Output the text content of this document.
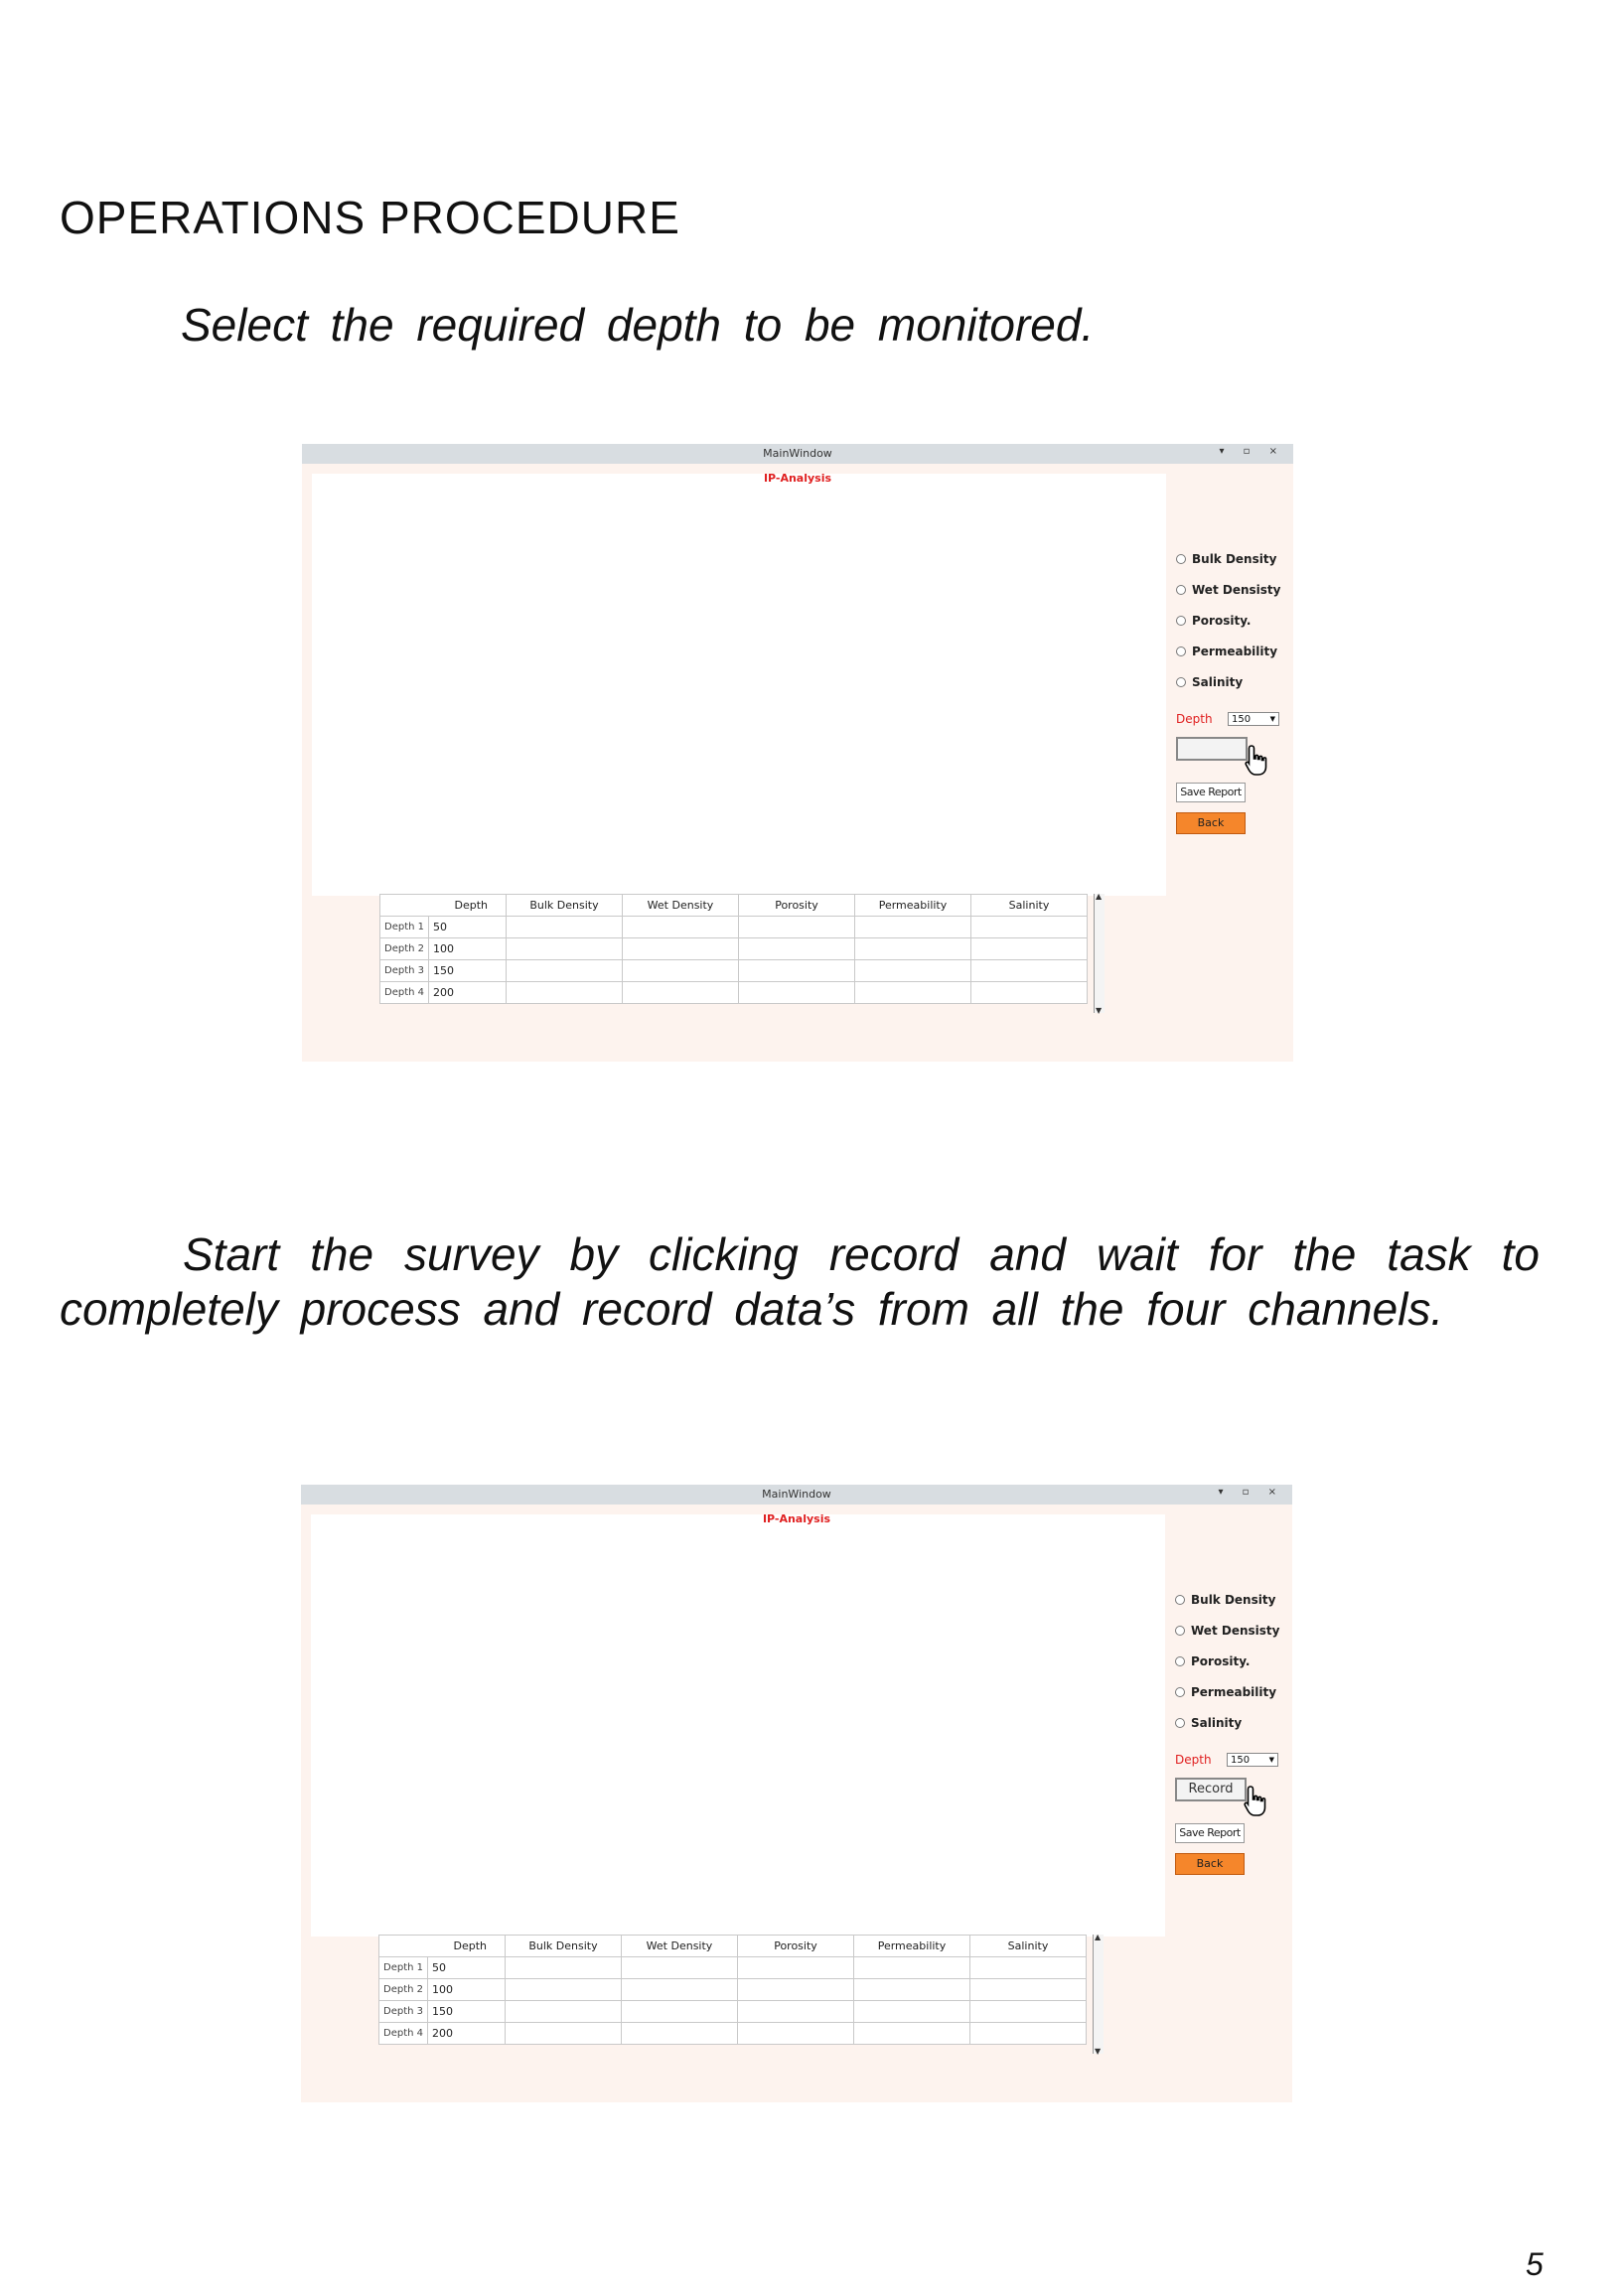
OPERATIONS PROCEDURE

Select the required depth to be monitored.

MainWindow	▾ ▫ ×
IP-Analysis
Bulk Density
Wet Densisty
Porosity.
Permeability
Salinity
Depth	150	▼
Save Report
Back
Depth		Bulk Density	Wet Density	Porosity	Permeability	Salinity
Depth 1	50					
Depth 2	100					
Depth 3	150					
Depth 4	200					
▲
▼

Start the survey by clicking record and wait for the task to completely process and record data’s from all the four channels.

MainWindow	▾ ▫ ×
IP-Analysis
Bulk Density
Wet Densisty
Porosity.
Permeability
Salinity
Depth	150	▼
Record
Save Report
Back
Depth		Bulk Density	Wet Density	Porosity	Permeability	Salinity
Depth 1	50					
Depth 2	100					
Depth 3	150					
Depth 4	200					
▲
▼
5
